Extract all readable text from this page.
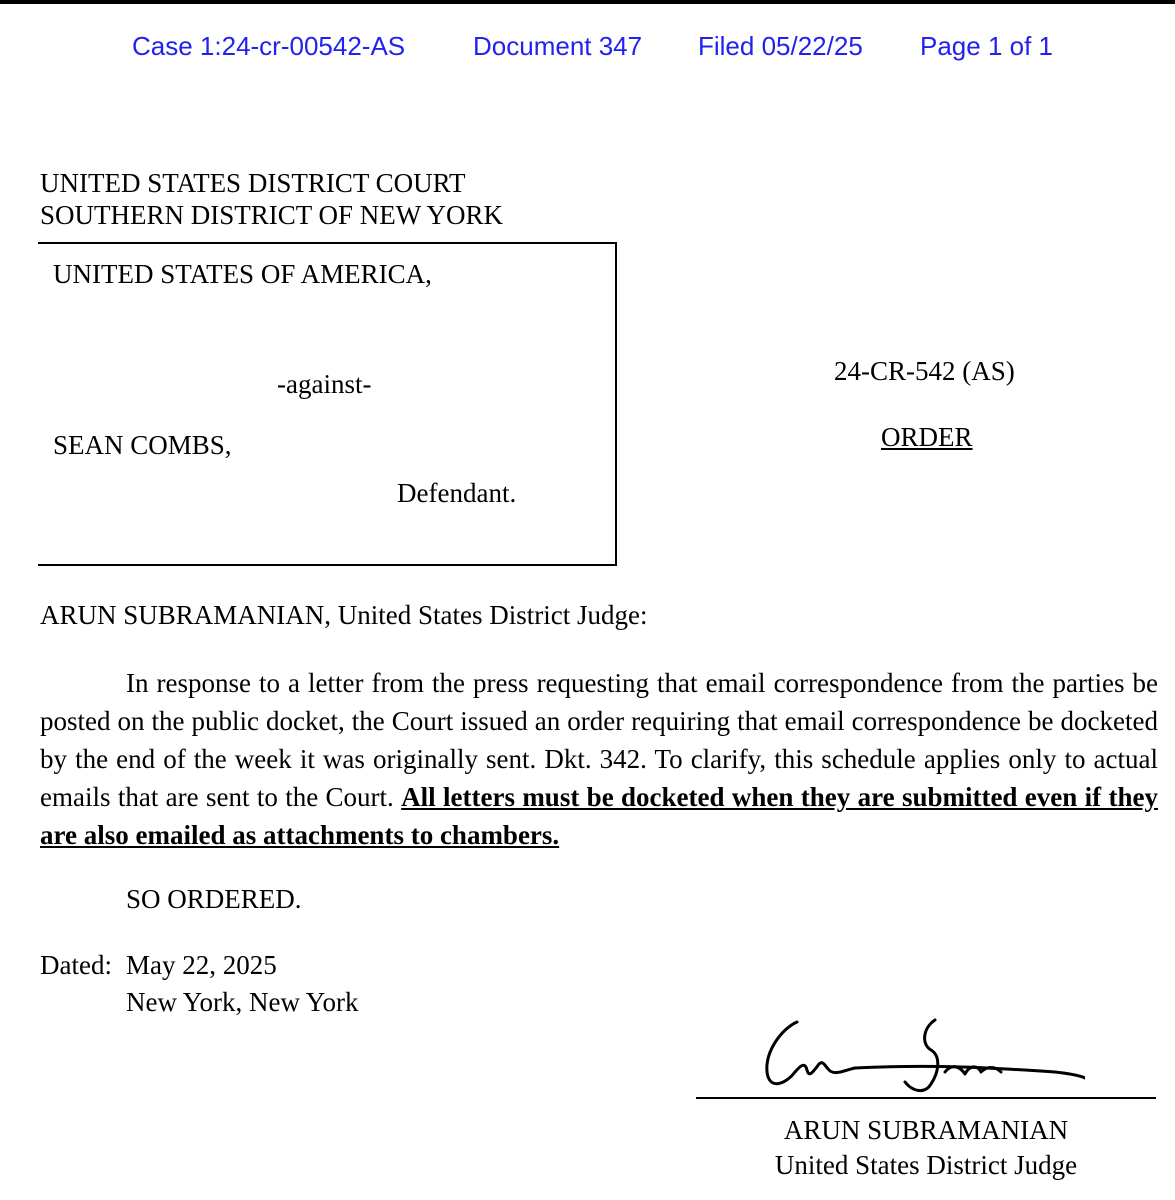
Case 1:24-cr-00542-AS	Document 347 Filed 05/22/25 Page 1 of 1
UNITED STATES DISTRICT COURT
SOUTHERN DISTRICT OF NEW YORK
UNITED STATES OF AMERICA,
-against-
SEAN COMBS,
Defendant.
24-CR-542 (AS)
ORDER
ARUN SUBRAMANIAN, United States District Judge:
In response to a letter from the press requesting that email correspondence from the parties be posted on the public docket, the Court issued an order requiring that email correspondence be docketed by the end of the week it was originally sent. Dkt. 342. To clarify, this schedule applies only to actual emails that are sent to the Court. All letters must be docketed when they are submitted even if they are also emailed as attachments to chambers.
SO ORDERED.
Dated: May 22, 2025
New York, New York
ARUN SUBRAMANIAN
United States District Judge
